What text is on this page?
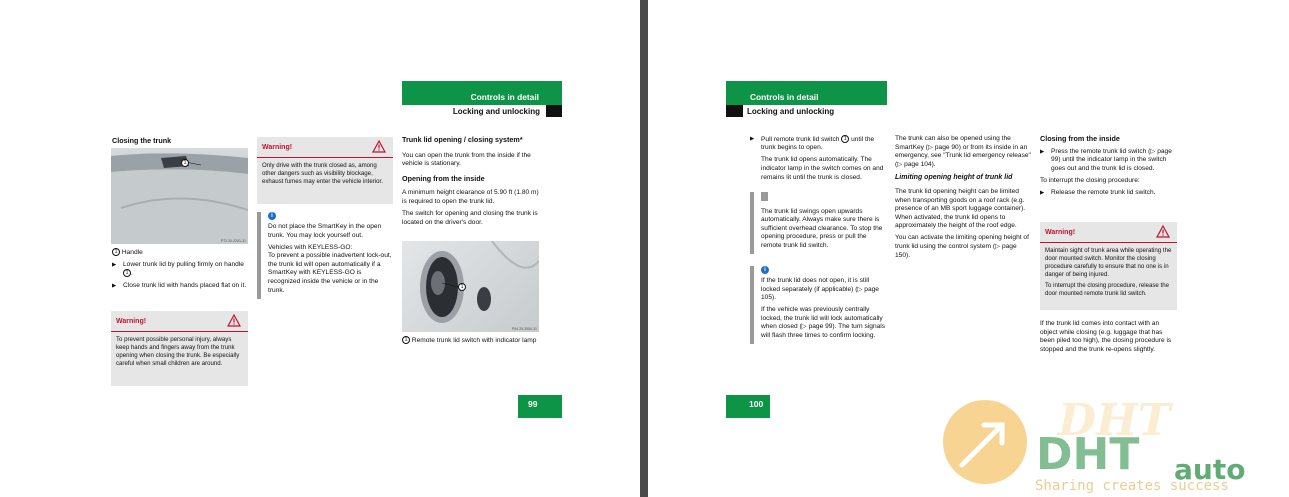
Controls in detail
Locking and unlocking
Closing the trunk
1
P72.20-2201-31

1 Handle

▶ Lower trunk lid by pulling firmly on handle 1 .

▶ Close trunk lid with hands placed flat on it.

Warning!
To prevent possible personal injury, always keep hands and fingers away from the trunk opening when closing the trunk. Be especially careful when small children are around.
Warning!
Only drive with the trunk closed as, among other dangers such as visibility blockage, exhaust fumes may enter the vehicle interior.
i

Do not place the SmartKey in the open trunk. You may lock yourself out.

Vehicles with KEYLESS-GO:
To prevent a possible inadvertent lock-out, the trunk lid will open automatically if a SmartKey with KEYLESS-GO is recognized inside the vehicle or in the trunk.

Trunk lid opening / closing system*

You can open the trunk from the inside if the vehicle is stationary.

Opening from the inside

A minimum height clearance of 5.90 ft (1.80 m) is required to open the trunk lid.

The switch for opening and closing the trunk is located on the driver's door.

1
P54.25-3050-31

1 Remote trunk lid switch with indicator lamp

99
Controls in detail
Locking and unlocking

▶ Pull remote trunk lid switch 1 until the trunk begins to open.

The trunk lid opens automatically. The indicator lamp in the switch comes on and remains lit until the trunk is closed.

The trunk lid swings open upwards automatically. Always make sure there is sufficient overhead clearance. To stop the opening procedure, press or pull the remote trunk lid switch.

i

If the trunk lid does not open, it is still locked separately (if applicable) (▷ page 105).

If the vehicle was previously centrally locked, the trunk lid will lock automatically when closed (▷ page 99). The turn signals will flash three times to confirm locking.

The trunk can also be opened using the SmartKey (▷ page 90) or from its inside in an emergency, see "Trunk lid emergency release" (▷ page 104).

Limiting opening height of trunk lid

The trunk lid opening height can be limited when transporting goods on a roof rack (e.g. presence of an MB sport luggage container). When activated, the trunk lid opens to approximately the height of the roof edge.

You can activate the limiting opening height of trunk lid using the control system (▷ page 150).

Closing from the inside

▶ Press the remote trunk lid switch (▷ page 99) until the indicator lamp in the switch goes out and the trunk lid is closed.

To interrupt the closing procedure:

▶ Release the remote trunk lid switch.

Warning!

Maintain sight of trunk area while operating the door mounted switch. Monitor the closing procedure carefully to ensure that no one is in danger of being injured.

To interrupt the closing procedure, release the door mounted remote trunk lid switch.

If the trunk lid comes into contact with an object while closing (e.g. luggage that has been piled too high), the closing procedure is stopped and the trunk re-opens slightly.

100	DHT
DHT auto
Sharing creates success
